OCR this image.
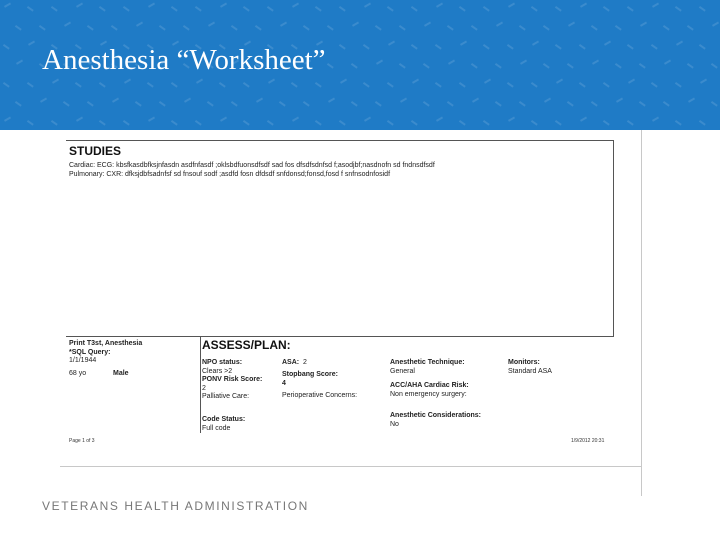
Anesthesia “Worksheet”
STUDIES
Cardiac: ECG: kbsfkasdbfksjnfasdn asdfnfasdf ;oklsbdfuonsdfsdf sad fos dfsdfsdnfsd f;asodjbf;nasdnofn sd fndnsdfsdf
Pulmonary: CXR: dfksjdbfsadnfsf sd fnsouf sodf ;asdfd fosn dfdsdf snfdonsd;fonsd,fosd f snfnsodnfosidf
Print T3st, Anesthesia
*SQL Query:
1/1/1944
68 yo	Male
ASSESS/PLAN:
NPO status:
Clears >2
PONV Risk Score:
2
Palliative Care:
Code Status:
Full code
ASA: 2
Stopbang Score:
4
Perioperative Concerns:
Anesthetic Technique:
General
ACC/AHA Cardiac Risk:
Non emergency surgery:
Anesthetic Considerations:
No
Monitors:
Standard ASA
Page 1 of 3	1/9/2012 20:31
VETERANS HEALTH ADMINISTRATION
